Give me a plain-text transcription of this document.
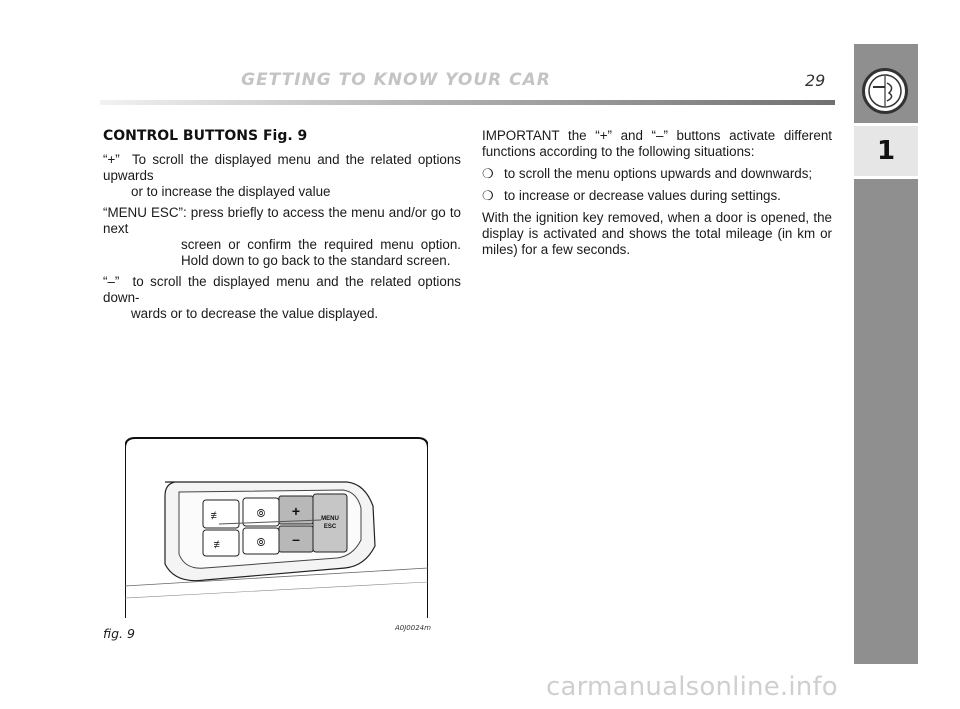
GETTING TO KNOW YOUR CAR	29
1
CONTROL BUTTONS Fig. 9
“+” To scroll the displayed menu and the related options upwards
or to increase the displayed value
“MENU ESC”: press briefly to access the menu and/or go to next
screen or confirm the required menu option. Hold down to go back to the standard screen.
“–” to scroll the displayed menu and the related options down-
wards or to decrease the value displayed.
IMPORTANT the “+” and “–” buttons activate different functions according to the following situations:
❍ to scroll the menu options upwards and downwards;
❍ to increase or decrease values during settings.
With the ignition key removed, when a door is opened, the display is activated and shows the total mileage (in km or miles) for a few seconds.
≢	⦾
≢	⦾
+
–
MENU
ESC
fig. 9	A0J0024m
carmanualsonline.info
